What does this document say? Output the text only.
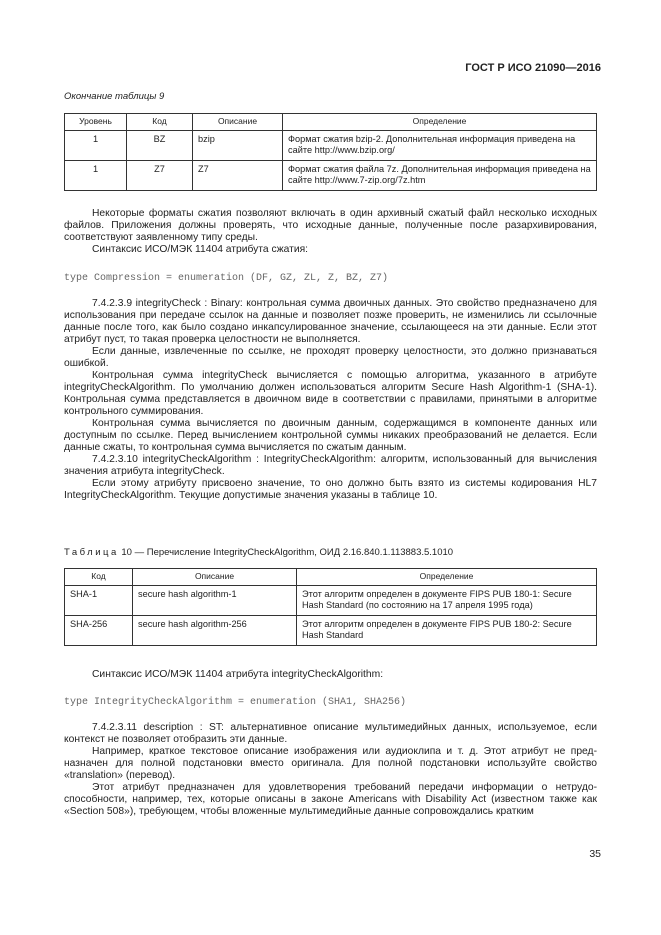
ГОСТ Р ИСО 21090—2016
Окончание таблицы 9
Уровень	Код	Описание	Определение
1	BZ	bzip	Формат сжатия bzip-2. Дополнительная информация приведена на сайте http://www.bzip.org/
1	Z7	Z7	Формат сжатия файла 7z. Дополнительная информация приведена на сайте http://www.7-zip.org/7z.htm

Некоторые форматы сжатия позволяют включать в один архивный сжатый файл несколько исходных файлов. Приложения должны проверять, что исходные данные, полученные после разархивирования, соответствуют заявленному типу среды.

Синтаксис ИСО/МЭК 11404 атрибута сжатия:

type Compression = enumeration (DF, GZ, ZL, Z, BZ, Z7)

7.4.2.3.9 integrityCheck : Binary: контрольная сумма двоичных данных. Это свойство предназначено для использования при передаче ссылок на данные и позволяет позже проверить, не изменились ли ссылочные данные после того, как было создано инкапсулированное значение, ссылающееся на эти данные. Если этот атрибут пуст, то такая проверка целостности не выполняется.

Если данные, извлеченные по ссылке, не проходят проверку целостности, это должно признаваться ошибкой.

Контрольная сумма integrityCheck вычисляется с помощью алгоритма, указанного в атрибуте integrityCheckAlgorithm. По умолчанию должен использоваться алгоритм Secure Hash Algorithm-1 (SHA-1). Контрольная сумма представляется в двоичном виде в соответствии с правилами, принятыми в алгоритме контрольного суммирования.

Контрольная сумма вычисляется по двоичным данным, содержащимся в компоненте данных или доступным по ссылке. Перед вычислением контрольной суммы никаких преобразований не делается. Если данные сжаты, то контрольная сумма вычисляется по сжатым данным.

7.4.2.3.10 integrityCheckAlgorithm : IntegrityCheckAlgorithm: алгоритм, использованный для вычисления значения атрибута integrityCheck.

Если этому атрибуту присвоено значение, то оно должно быть взято из системы кодирования HL7 IntegrityCheckAlgorithm. Текущие допустимые значения указаны в таблице 10.

Таблица 10 — Перечисление IntegrityCheckAlgorithm, ОИД 2.16.840.1.113883.5.1010
Код	Описание	Определение
SHA-1	secure hash algorithm-1	Этот алгоритм определен в документе FIPS PUB 180-1: Secure Hash Standard (по состоянию на 17 апреля 1995 года)
SHA-256	secure hash algorithm-256	Этот алгоритм определен в документе FIPS PUB 180-2: Secure Hash Standard

Синтаксис ИСО/МЭК 11404 атрибута integrityCheckAlgorithm:

type IntegrityCheckAlgorithm = enumeration (SHA1, SHA256)

7.4.2.3.11 description : ST: альтернативное описание мультимедийных данных, используемое, если контекст не позволяет отобразить эти данные.

Например, краткое текстовое описание изображения или аудиоклипа и т. д. Этот атрибут не предназначен для полной подстановки вместо оригинала. Для полной подстановки используйте свойство «translation» (перевод).

Этот атрибут предназначен для удовлетворения требований передачи информации о нетрудоспособности, например, тех, которые описаны в законе Americans with Disability Act (известном также как «Section 508»), требующем, чтобы вложенные мультимедийные данные сопровождались кратким

35
